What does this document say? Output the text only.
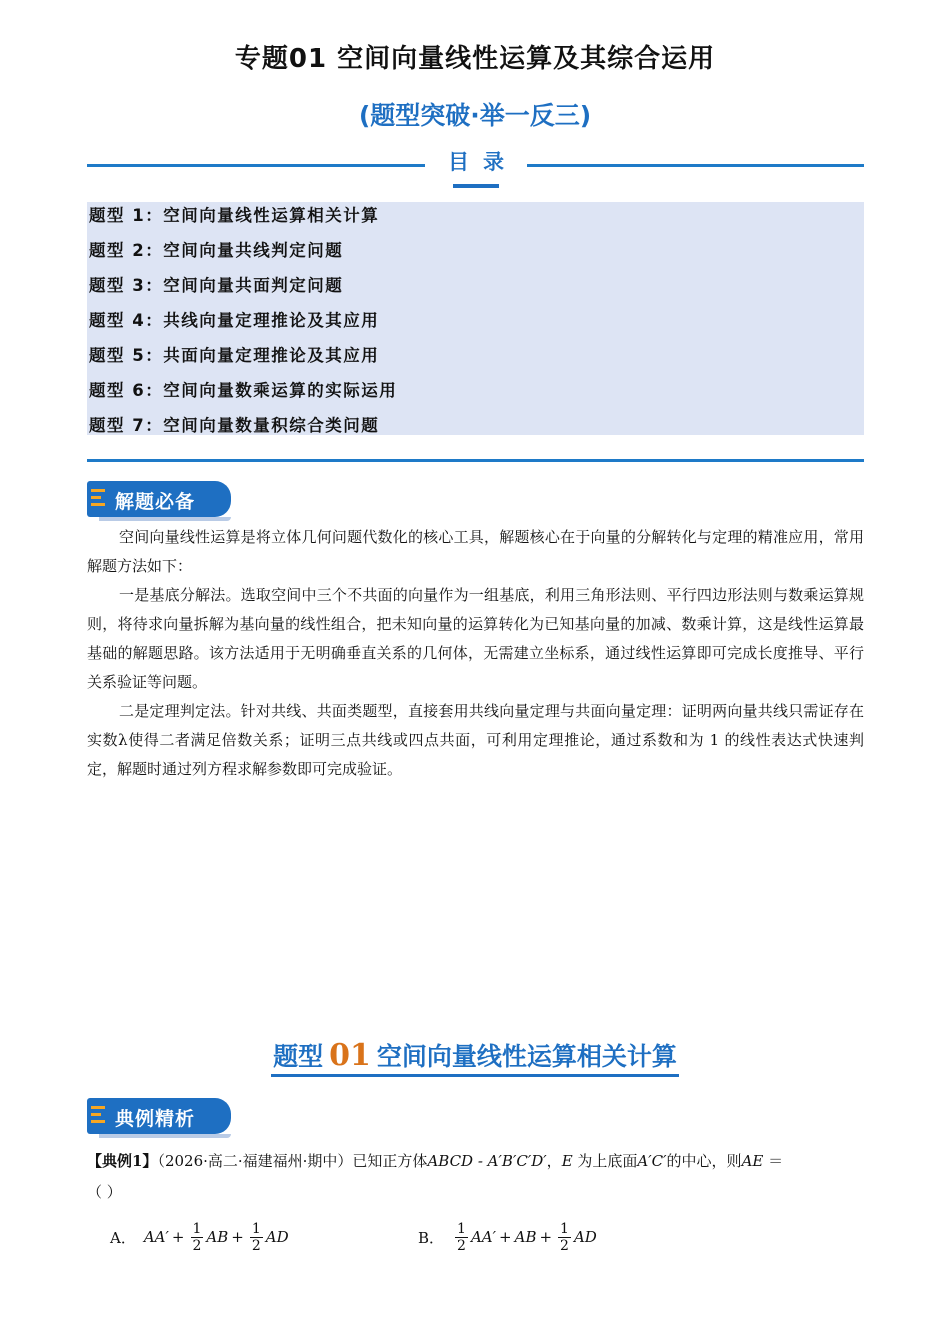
专题01 空间向量线性运算及其综合运用
(题型突破·举一反三)
目录
题型 1：空间向量线性运算相关计算
题型 2：空间向量共线判定问题
题型 3：空间向量共面判定问题
题型 4：共线向量定理推论及其应用
题型 5：共面向量定理推论及其应用
题型 6：空间向量数乘运算的实际运用
题型 7：空间向量数量积综合类问题
解题必备

空间向量线性运算是将立体几何问题代数化的核心工具，解题核心在于向量的分解转化与定理的精准应用，常用解题方法如下：

一是基底分解法。选取空间中三个不共面的向量作为一组基底，利用三角形法则、平行四边形法则与数乘运算规则，将待求向量拆解为基向量的线性组合，把未知向量的运算转化为已知基向量的加减、数乘计算，这是线性运算最基础的解题思路。该方法适用于无明确垂直关系的几何体，无需建立坐标系，通过线性运算即可完成长度推导、平行关系验证等问题。

二是定理判定法。针对共线、共面类题型，直接套用共线向量定理与共面向量定理：证明两向量共线只需证存在实数λ使得二者满足倍数关系；证明三点共线或四点共面，可利用定理推论，通过系数和为 1 的线性表达式快速判定，解题时通过列方程求解参数即可完成验证。

题型 01 空间向量线性运算相关计算
典例精析

【典例1】（2026·高二·福建福州·期中）已知正方体ABCD - A′B′C′D′，E 为上底面A′C′的中心，则AE ＝
（ ）

A． $AA' + \frac{1}{2}$ AB + $\frac{1}{2}$ AD	B． $\frac{1}{2} AA'$ + AB + $\frac{1}{2}$ AD
